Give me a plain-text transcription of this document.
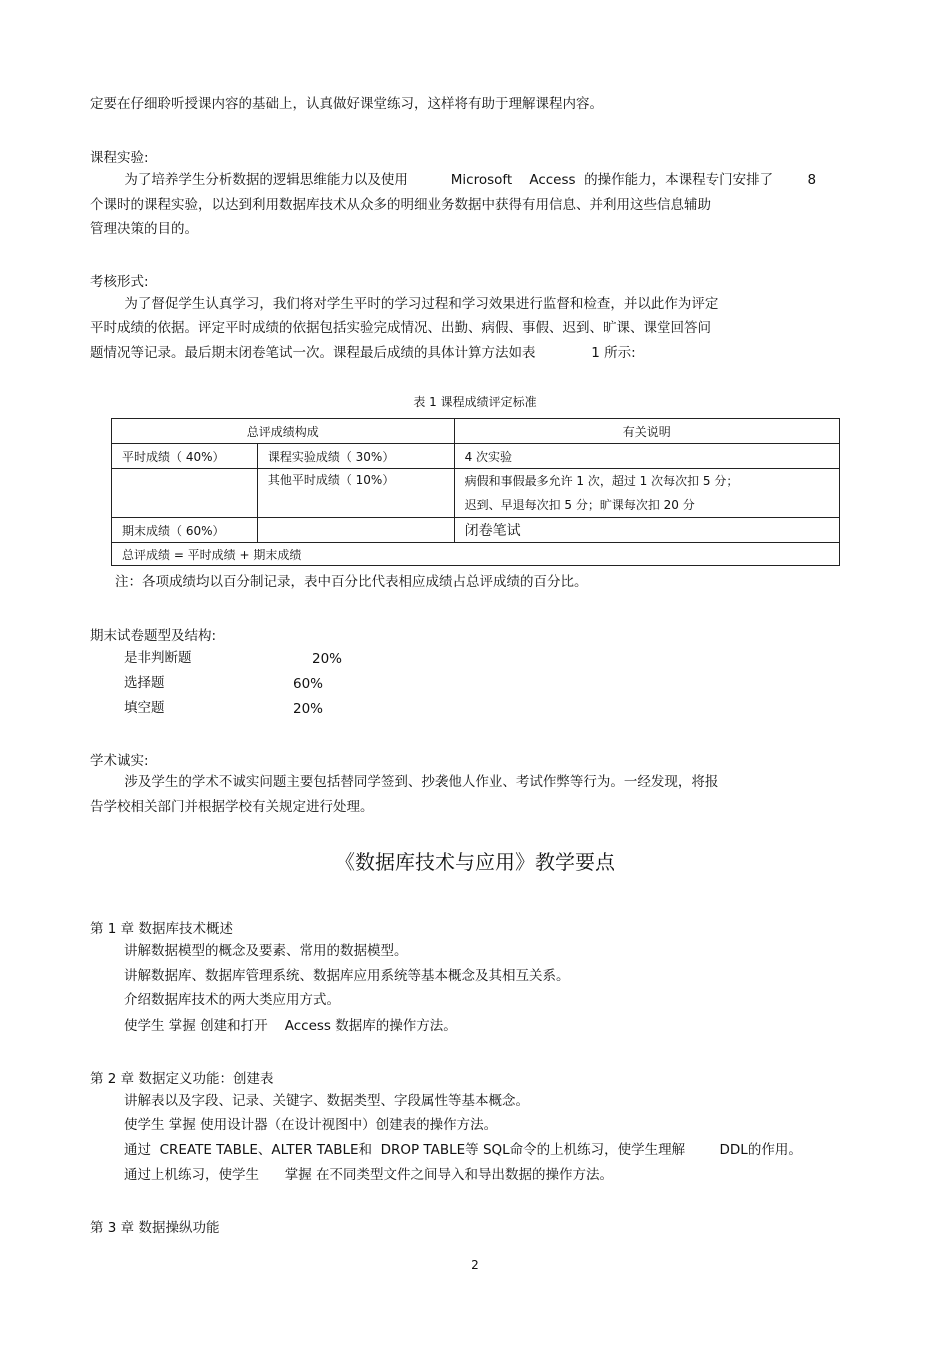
定要在仔细聆听授课内容的基础上，认真做好课堂练习，这样将有助于理解课程内容。
课程实验:
为了培养学生分析数据的逻辑思维能力以及使用          Microsoft    Access  的操作能力，本课程专门安排了        8
个课时的课程实验，以达到利用数据库技术从众多的明细业务数据中获得有用信息、并利用这些信息辅助
管理决策的目的。
考核形式:
为了督促学生认真学习，我们将对学生平时的学习过程和学习效果进行监督和检查，并以此作为评定
平时成绩的依据。评定平时成绩的依据包括实验完成情况、出勤、病假、事假、迟到、旷课、课堂回答问
题情况等记录。最后期末闭卷笔试一次。课程最后成绩的具体计算方法如表             1 所示:
表 1 课程成绩评定标准
总评成绩构成		有关说明
平时成绩（ 40%）	课程实验成绩（ 30%）	4 次实验
	其他平时成绩（ 10%）	病假和事假最多允许 1 次，超过 1 次每次扣 5 分；
迟到、早退每次扣 5 分；旷课每次扣 20 分

期末成绩（ 60%）		闭卷笔试
总评成绩 = 平时成绩 + 期末成绩		
注：各项成绩均以百分制记录，表中百分比代表相应成绩占总评成绩的百分比。
期末试卷题型及结构:
是非判断题	20%
选择题	60%
填空题	20%
学术诚实:
涉及学生的学术不诚实问题主要包括替同学签到、抄袭他人作业、考试作弊等行为。一经发现，将报
告学校相关部门并根据学校有关规定进行处理。
《数据库技术与应用》教学要点
第 1 章 数据库技术概述
讲解数据模型的概念及要素、常用的数据模型。
讲解数据库、数据库管理系统、数据库应用系统等基本概念及其相互关系。
介绍数据库技术的两大类应用方式。
使学生 掌握 创建和打开    Access 数据库的操作方法。
第 2 章 数据定义功能：创建表
讲解表以及字段、记录、关键字、数据类型、字段属性等基本概念。
使学生 掌握 使用设计器（在设计视图中）创建表的操作方法。
通过  CREATE TABLE、ALTER TABLE和  DROP TABLE等 SQL命令的上机练习，使学生理解        DDL的作用。
通过上机练习，使学生      掌握 在不同类型文件之间导入和导出数据的操作方法。
第 3 章 数据操纵功能
2
